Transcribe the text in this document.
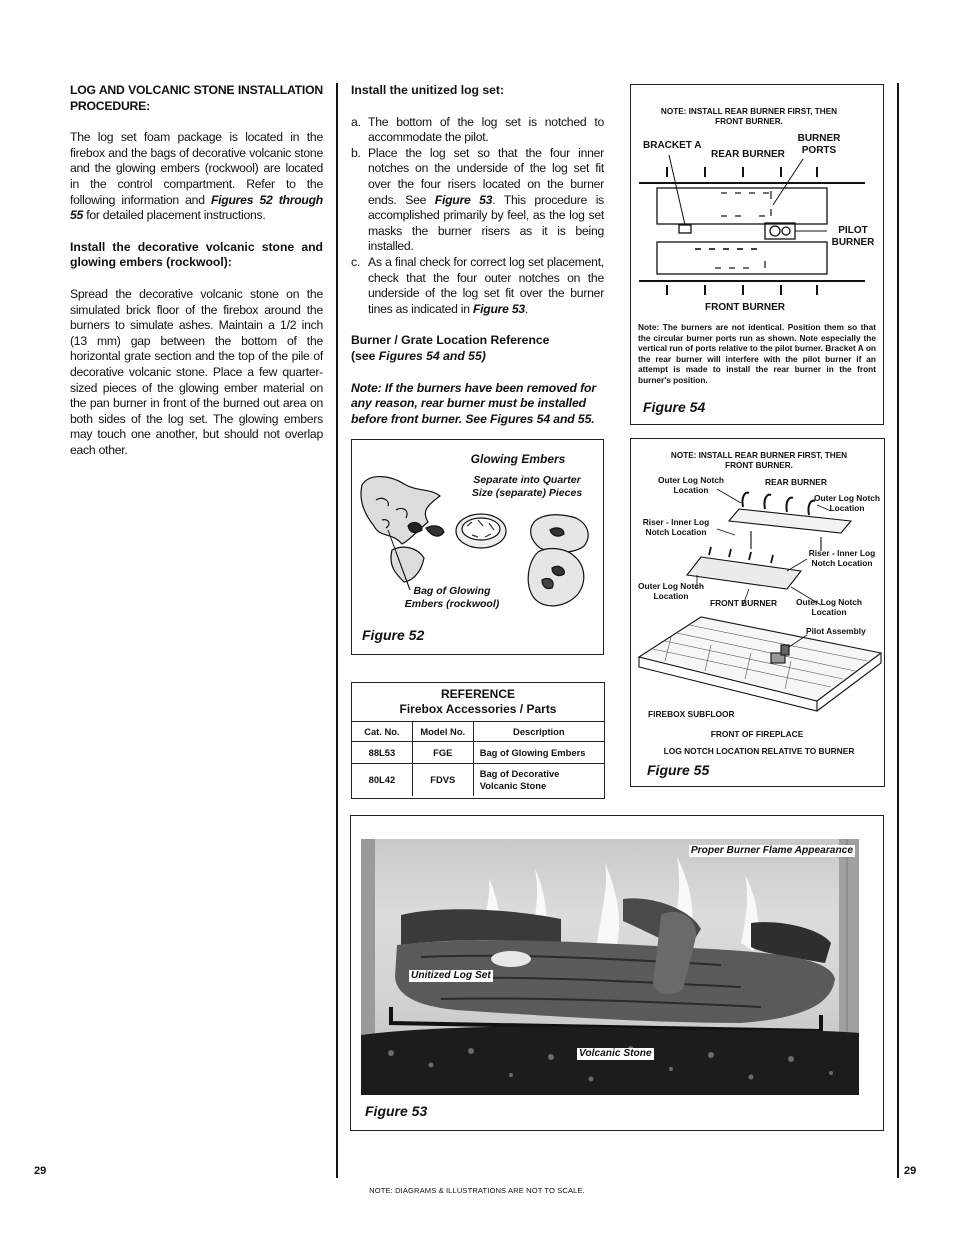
LOG AND VOLCANIC STONE INSTALLATION PROCEDURE:

The log set foam package is located in the firebox and the bags of decorative volcanic stone and the glowing embers (rockwool) are located in the control compartment. Refer to the following information and Figures 52 through 55 for detailed placement instructions.

Install the decorative volcanic stone and glowing embers (rockwool):

Spread the decorative volcanic stone on the simulated brick floor of the firebox around the burners to simulate ashes. Maintain a 1/2 inch (13 mm) gap between the bottom of the horizontal grate section and the top of the pile of decorative volcanic stone. Place a few quarter-sized pieces of the glowing ember material on the pan burner in front of the burned out area on both sides of the log set. The glowing embers may touch one another, but should not overlap each other.

Install the unitized log set:

a. The bottom of the log set is notched to accommodate the pilot.
b. Place the log set so that the four inner notches on the underside of the log set fit over the four risers located on the burner ends. See Figure 53. This procedure is accomplished primarily by feel, as the log set masks the burner risers as it is being installed.
c. As a final check for correct log set placement, check that the four outer notches on the underside of the log set fit over the burner tines as indicated in Figure 53.

Burner / Grate Location Reference
(see Figures 54 and 55)

Note: If the burners have been removed for any reason, rear burner must be installed before front burner. See Figures 54 and 55.

Glowing Embers
Separate into Quarter Size (separate) Pieces
Bag of Glowing Embers (rockwool)
Figure 52
REFERENCE
Firebox Accessories / Parts
Cat. No.	Model No.	Description
88L53	FGE	Bag of Glowing Embers
80L42	FDVS	Bag of Decorative Volcanic Stone
NOTE: INSTALL REAR BURNER FIRST, THEN FRONT BURNER.
BRACKET A
REAR BURNER
BURNER PORTS
PILOT BURNER
FRONT BURNER
Note: The burners are not identical. Position them so that the circular burner ports run as shown. Note especially the vertical run of ports relative to the pilot burner. Bracket A on the rear burner will interfere with the pilot burner if an attempt is made to install the rear burner in the front burner's position.
Figure 54
NOTE: INSTALL REAR BURNER FIRST, THEN FRONT BURNER.
Outer Log Notch Location
REAR BURNER
Outer Log Notch Location
Riser - Inner Log Notch Location
Riser - Inner Log Notch Location
Outer Log Notch Location
FRONT BURNER	Outer Log Notch Location
Pilot Assembly
FIREBOX SUBFLOOR
FRONT OF FIREPLACE
LOG NOTCH LOCATION RELATIVE TO BURNER
Figure 55
Proper Burner Flame Appearance
Unitized Log Set
Volcanic Stone
Figure 53
29	29
NOTE: DIAGRAMS & ILLUSTRATIONS ARE NOT TO SCALE.
